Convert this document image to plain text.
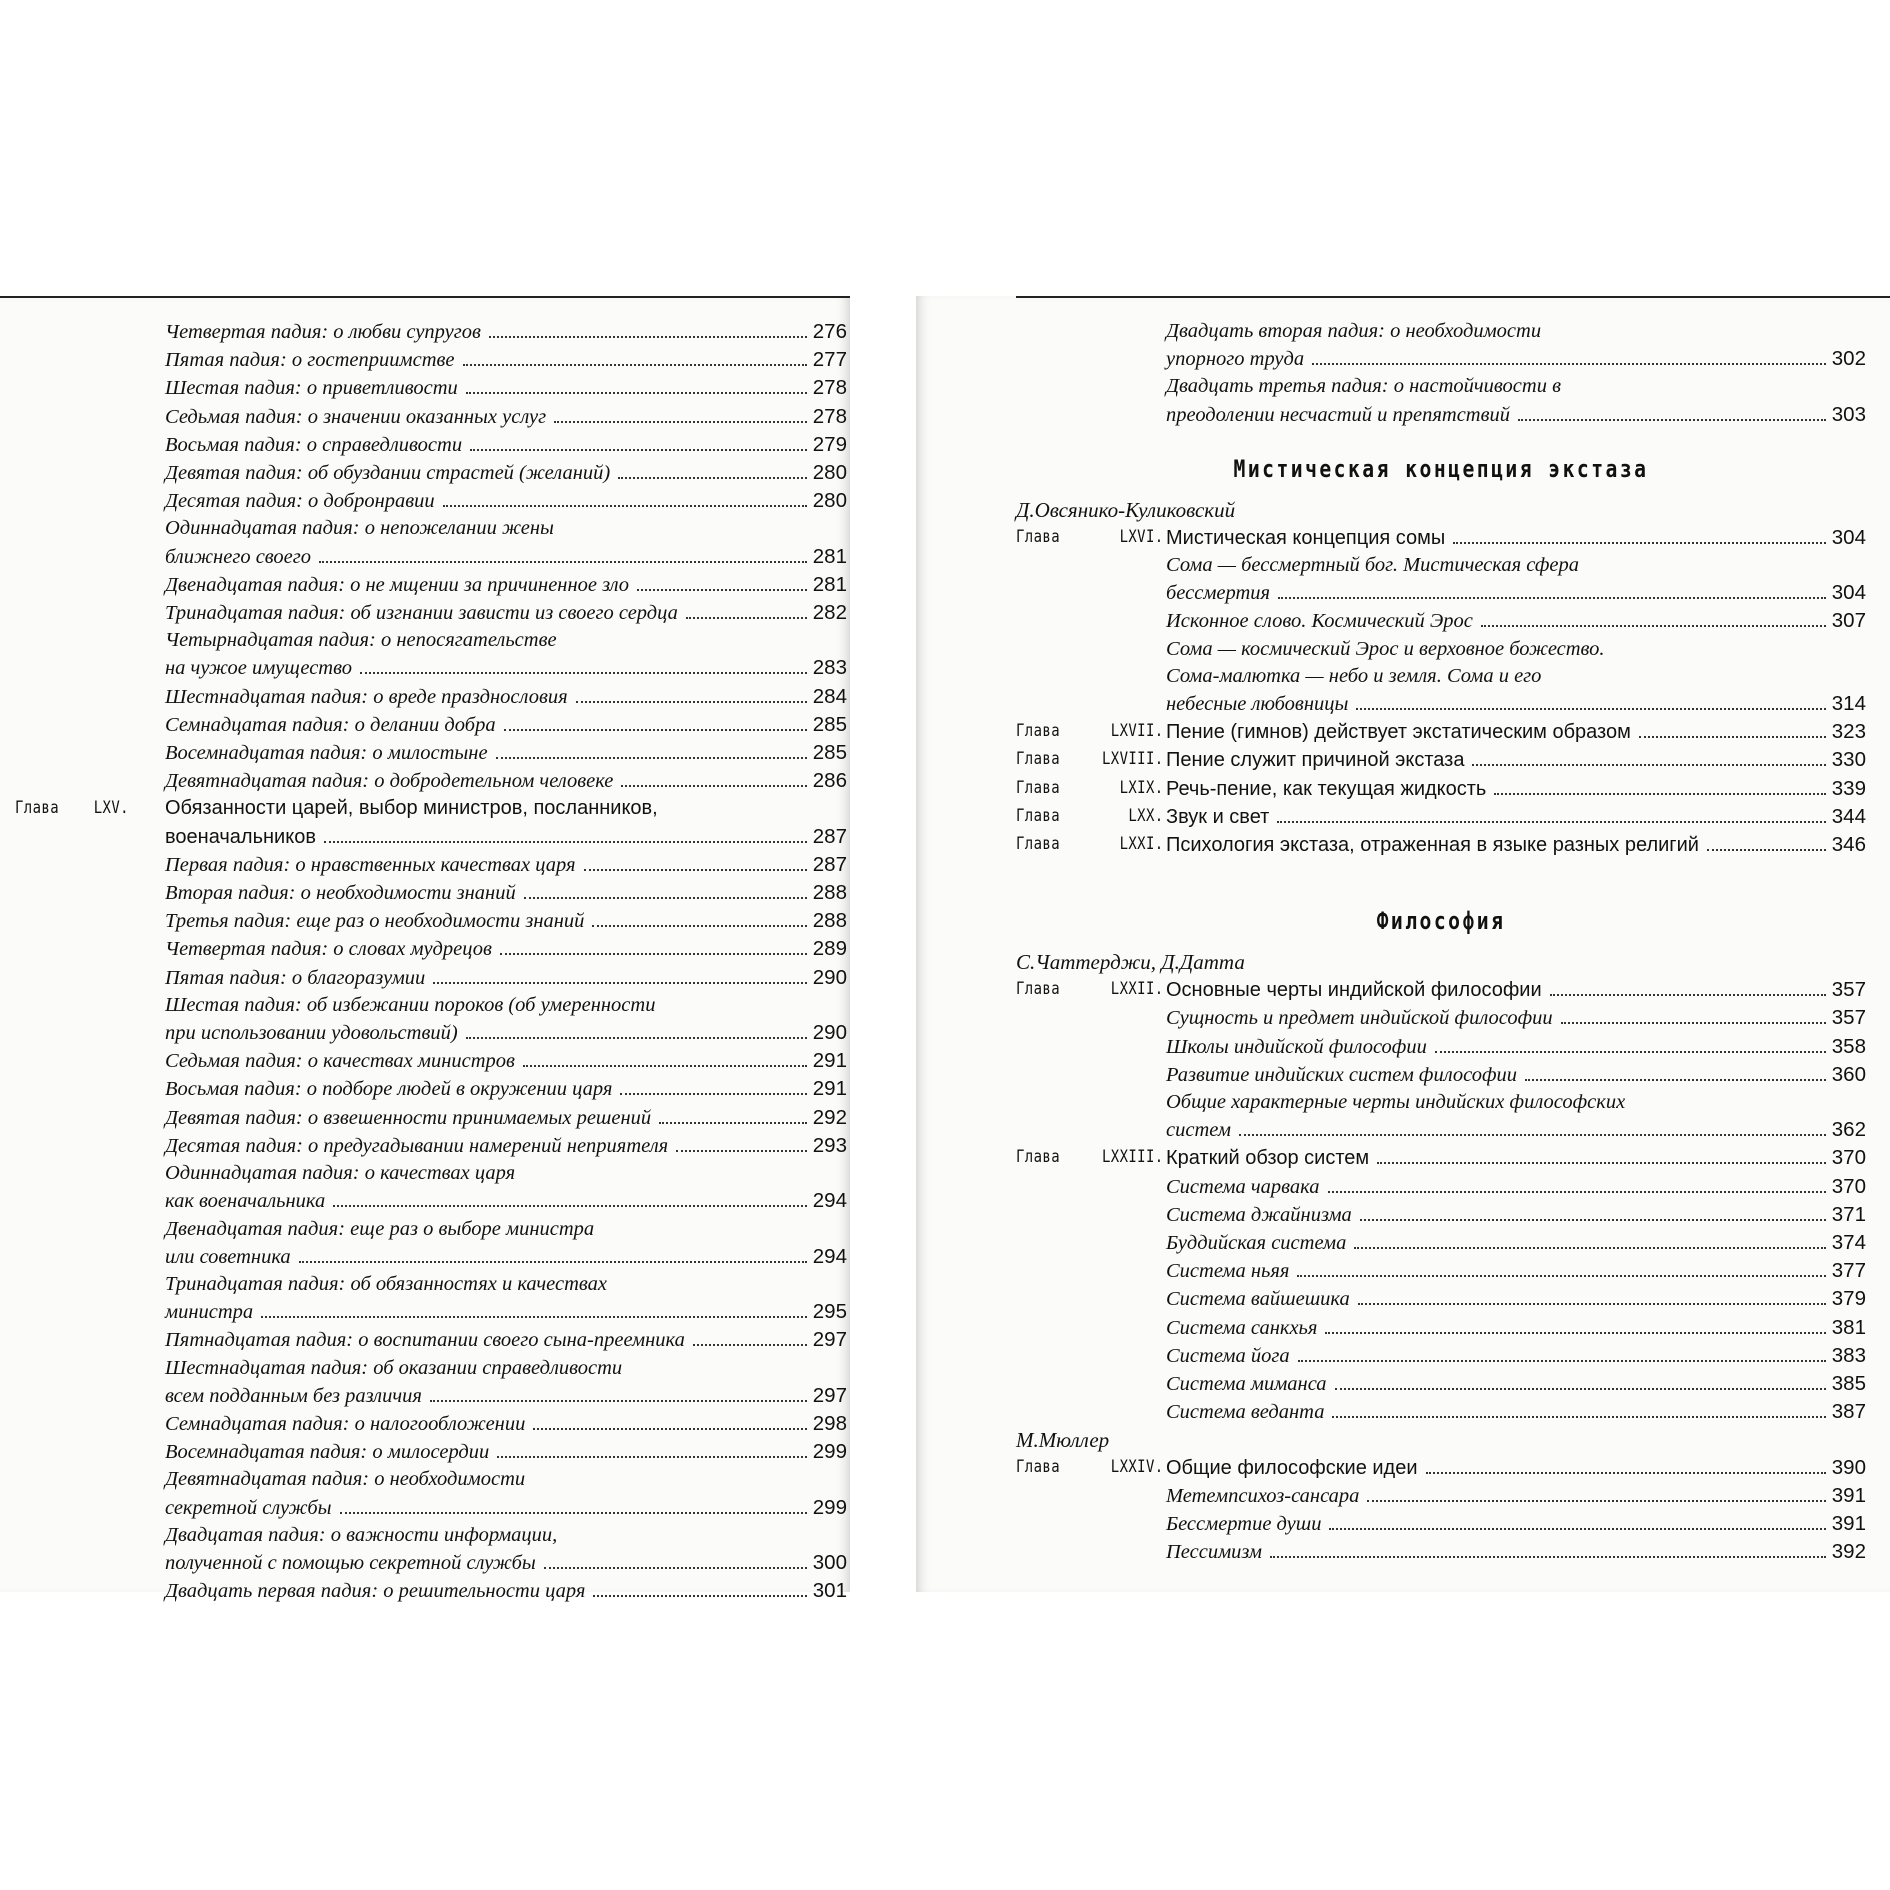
Четвертая падия: о любви супругов	276
Пятая падия: о гостеприимстве	277
Шестая падия: о приветливости	278
Седьмая падия: о значении оказанных услуг	278
Восьмая падия: о справедливости	279
Девятая падия: об обуздании страстей (желаний)	280
Десятая падия: о добронравии	280
Одиннадцатая падия: о непожелании жены
ближнего своего	281
Двенадцатая падия: о не мщении за причиненное зло	281
Тринадцатая падия: об изгнании зависти из своего сердца	282
Четырнадцатая падия: о непосягательстве
на чужое имущество	283
Шестнадцатая падия: о вреде празднословия	284
Семнадцатая падия: о делании добра	285
Восемнадцатая падия: о милостыне	285
Девятнадцатая падия: о добродетельном человеке	286
Глава LXV. Обязанности царей, выбор министров, посланников,
военачальников	287
Первая падия: о нравственных качествах царя	287
Вторая падия: о необходимости знаний	288
Третья падия: еще раз о необходимости знаний	288
Четвертая падия: о словах мудрецов	289
Пятая падия: о благоразумии	290
Шестая падия: об избежании пороков (об умеренности
при использовании удовольствий)	290
Седьмая падия: о качествах министров	291
Восьмая падия: о подборе людей в окружении царя	291
Девятая падия: о взвешенности принимаемых решений	292
Десятая падия: о предугадывании намерений неприятеля	293
Одиннадцатая падия: о качествах царя
как военачальника	294
Двенадцатая падия: еще раз о выборе министра
или советника	294
Тринадцатая падия: об обязанностях и качествах
министра	295
Пятнадцатая падия: о воспитании своего сына-преемника	297
Шестнадцатая падия: об оказании справедливости
всем подданным без различия	297
Семнадцатая падия: о налогообложении	298
Восемнадцатая падия: о милосердии	299
Девятнадцатая падия: о необходимости
секретной службы	299
Двадцатая падия: о важности информации,
полученной с помощью секретной службы	300
Двадцать первая падия: о решительности царя	301
Двадцать вторая падия: о необходимости
упорного труда	302
Двадцать третья падия: о настойчивости в
преодолении несчастий и препятствий	303
Мистическая концепция экстаза
Д.Овсянико-Куликовский
Глава	LXVI. Мистическая концепция сомы	304
Сома — бессмертный бог. Мистическая сфера
бессмертия	304
Исконное слово. Космический Эрос	307
Сома — космический Эрос и верховное божество.
Сома-малютка — небо и земля. Сома и его
небесные любовницы	314
Глава	LXVII. Пение (гимнов) действует экстатическим образом	323
Глава LXVIII. Пение служит причиной экстаза	330
Глава	LXIX. Речь-пение, как текущая жидкость	339
Глава	LXX. Звук и свет	344
Глава	LXXI. Психология экстаза, отраженная в языке разных религий	346
Философия
С.Чаттерджи, Д.Датта
Глава	LXXII. Основные черты индийской философии	357
Сущность и предмет индийской философии	357
Школы индийской философии	358
Развитие индийских систем философии	360
Общие характерные черты индийских философских
систем	362
Глава LXXIII. Краткий обзор систем	370
Система чарвака	370
Система джайнизма	371
Буддийская система	374
Система ньяя	377
Система вайшешика	379
Система санкхья	381
Система йога	383
Система миманса	385
Система веданта	387
М.Мюллер
Глава	LXXIV. Общие философские идеи	390
Метемпсихоз-сансара	391
Бессмертие души	391
Пессимизм	392
